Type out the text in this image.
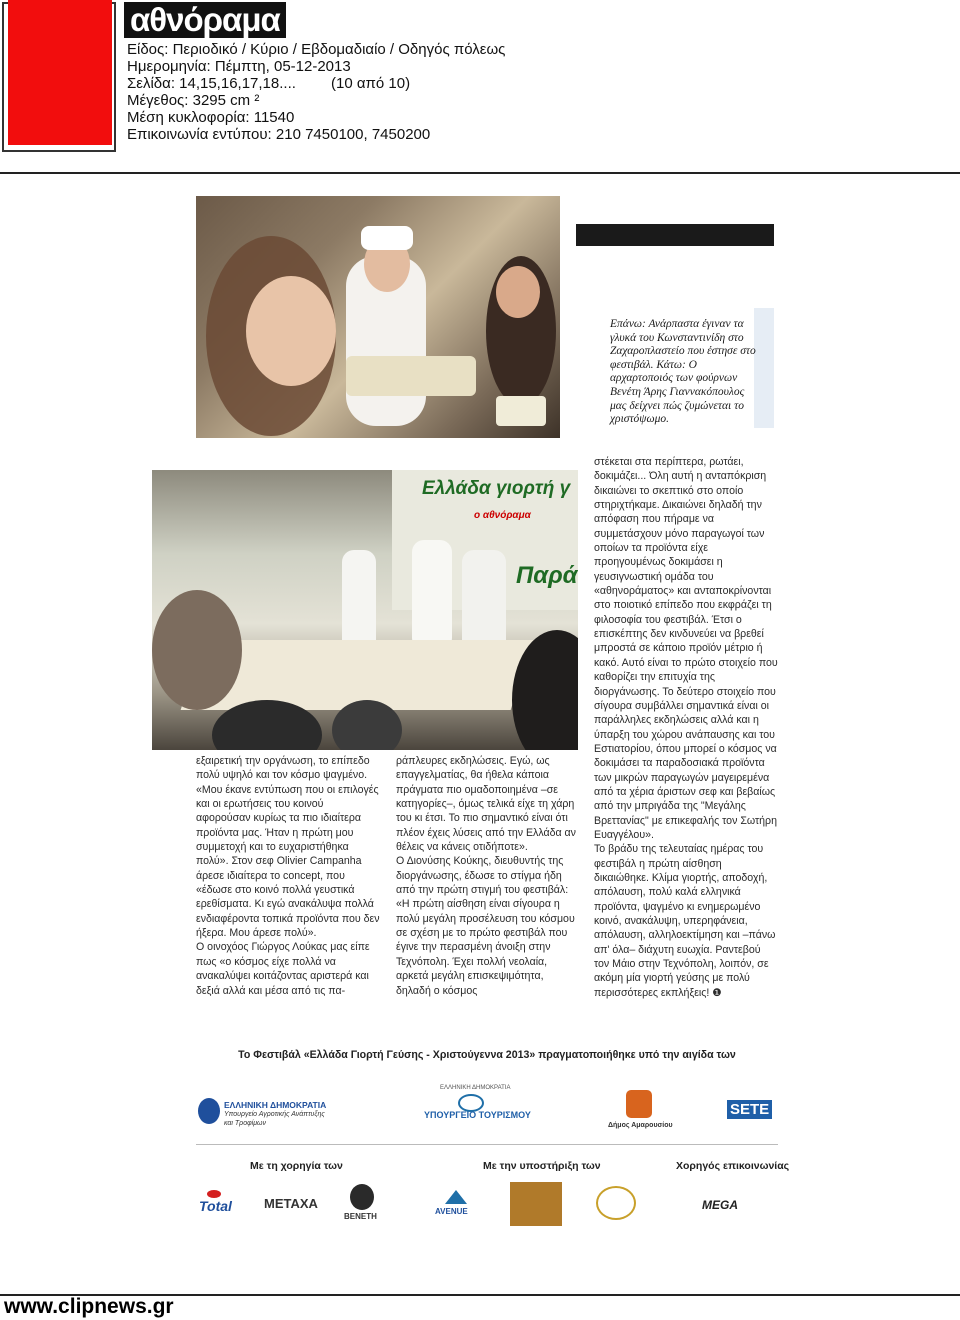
αθνόραμα
Είδος: Περιοδικό / Κύριο / Εβδομαδιαίο / Οδηγός πόλεως
Ημερομηνία: Πέμπτη, 05-12-2013
Σελίδα: 14,15,16,17,18.... (10 από 10)
Μέγεθος: 3295 cm ²
Μέση κυκλοφορία: 11540
Επικοινωνία εντύπου: 210 7450100, 7450200
Επάνω: Ανάρπαστα έγιναν τα γλυκά του Κωνσταντινίδη στο Ζαχαροπλαστείο που έστησε στο φεστιβάλ. Κάτω: Ο αρχαρτοποιός των φούρνων Βενέτη Άρης Γιαννακόπουλος μας δείχνει πώς ζυμώνεται το χριστόψωμο.
Ελλάδα γιορτή γ
ο αθνόραμα
Παρά
εξαιρετική την οργάνωση, το επίπεδο πολύ υψηλό και τον κόσμο ψαγμένο. «Μου έκανε εντύπωση που οι επιλογές και οι ερωτήσεις του κοινού αφορούσαν κυρίως τα πιο ιδιαίτερα προϊόντα μας. Ήταν η πρώτη μου συμμετοχή και το ευχαριστήθηκα πολύ». Στον σεφ Olivier Campanha άρεσε ιδιαίτερα το concept, που «έδωσε στο κοινό πολλά γευστικά ερεθίσματα. Κι εγώ ανακάλυψα πολλά ενδιαφέροντα τοπικά προϊόντα που δεν ήξερα. Μου άρεσε πολύ».
Ο οινοχόος Γιώργος Λούκας μας είπε πως «ο κόσμος είχε πολλά να ανακαλύψει κοιτάζοντας αριστερά και δεξιά αλλά και μέσα από τις πα-
ράπλευρες εκδηλώσεις. Εγώ, ως επαγγελματίας, θα ήθελα κάποια πράγματα πιο ομαδοποιημένα –σε κατηγορίες–, όμως τελικά είχε τη χάρη του κι έτσι. Το πιο σημαντικό είναι ότι πλέον έχεις λύσεις από την Ελλάδα αν θέλεις να κάνεις οτιδήποτε».
Ο Διονύσης Κούκης, διευθυντής της διοργάνωσης, έδωσε το στίγμα ήδη από την πρώτη στιγμή του φεστιβάλ: «Η πρώτη αίσθηση είναι σίγουρα η πολύ μεγάλη προσέλευση του κόσμου σε σχέση με το πρώτο φεστιβάλ που έγινε την περασμένη άνοιξη στην Τεχνόπολη. Έχει πολλή νεολαία, αρκετά μεγάλη επισκεψιμότητα, δηλαδή ο κόσμος
στέκεται στα περίπτερα, ρωτάει, δοκιμάζει... Όλη αυτή η ανταπόκριση δικαιώνει το σκεπτικό στο οποίο στηριχτήκαμε. Δικαιώνει δηλαδή την απόφαση που πήραμε να συμμετάσχουν μόνο παραγωγοί των οποίων τα προϊόντα είχε προηγουμένως δοκιμάσει η γευσιγνωστική ομάδα του «αθηνοράματος» και ανταποκρίνονται στο ποιοτικό επίπεδο που εκφράζει τη φιλοσοφία του φεστιβάλ. Έτσι ο επισκέπτης δεν κινδυνεύει να βρεθεί μπροστά σε κάποιο προϊόν μέτριο ή κακό. Αυτό είναι το πρώτο στοιχείο που καθορίζει την επιτυχία της διοργάνωσης. Το δεύτερο στοιχείο που σίγουρα συμβάλλει σημαντικά είναι οι παράλληλες εκδηλώσεις αλλά και η ύπαρξη του χώρου ανάπαυσης και του Εστιατορίου, όπου μπορεί ο κόσμος να δοκιμάσει τα παραδοσιακά προϊόντα των μικρών παραγωγών μαγειρεμένα από τα χέρια άριστων σεφ και βεβαίως από την μπριγάδα της "Μεγάλης Βρεττανίας" με επικεφαλής τον Σωτήρη Ευαγγέλου».
Το βράδυ της τελευταίας ημέρας του φεστιβάλ η πρώτη αίσθηση δικαιώθηκε. Κλίμα γιορτής, αποδοχή, απόλαυση, πολύ καλά ελληνικά προϊόντα, ψαγμένο κι ενημερωμένο κοινό, ανακάλυψη, υπερηφάνεια, απόλαυση, αλληλοεκτίμηση και –πάνω απ' όλα– διάχυτη ευωχία. Ραντεβού τον Μάιο στην Τεχνόπολη, λοιπόν, σε ακόμη μία γιορτή γεύσης με πολύ περισσότερες εκπλήξεις! ❶
Το Φεστιβάλ «Ελλάδα Γιορτή Γεύσης - Χριστούγεννα 2013» πραγματοποιήθηκε υπό την αιγίδα των
ΕΛΛΗΝΙΚΗ ΔΗΜΟΚΡΑΤΙΑ
Υπουργείο Αγροτικής Ανάπτυξης
και Τροφίμων
ΕΛΛΗΝΙΚΗ ΔΗΜΟΚΡΑΤΙΑ
ΥΠΟΥΡΓΕΙΟ ΤΟΥΡΙΣΜΟΥ
Δήμος Αμαρουσίου
SETE
Με τη χορηγία των	Με την υποστήριξη των	Χορηγός επικοινωνίας
Total METAXA
ΒΕΝΕΤΗ
AVENUE	MEGA
www.clipnews.gr
